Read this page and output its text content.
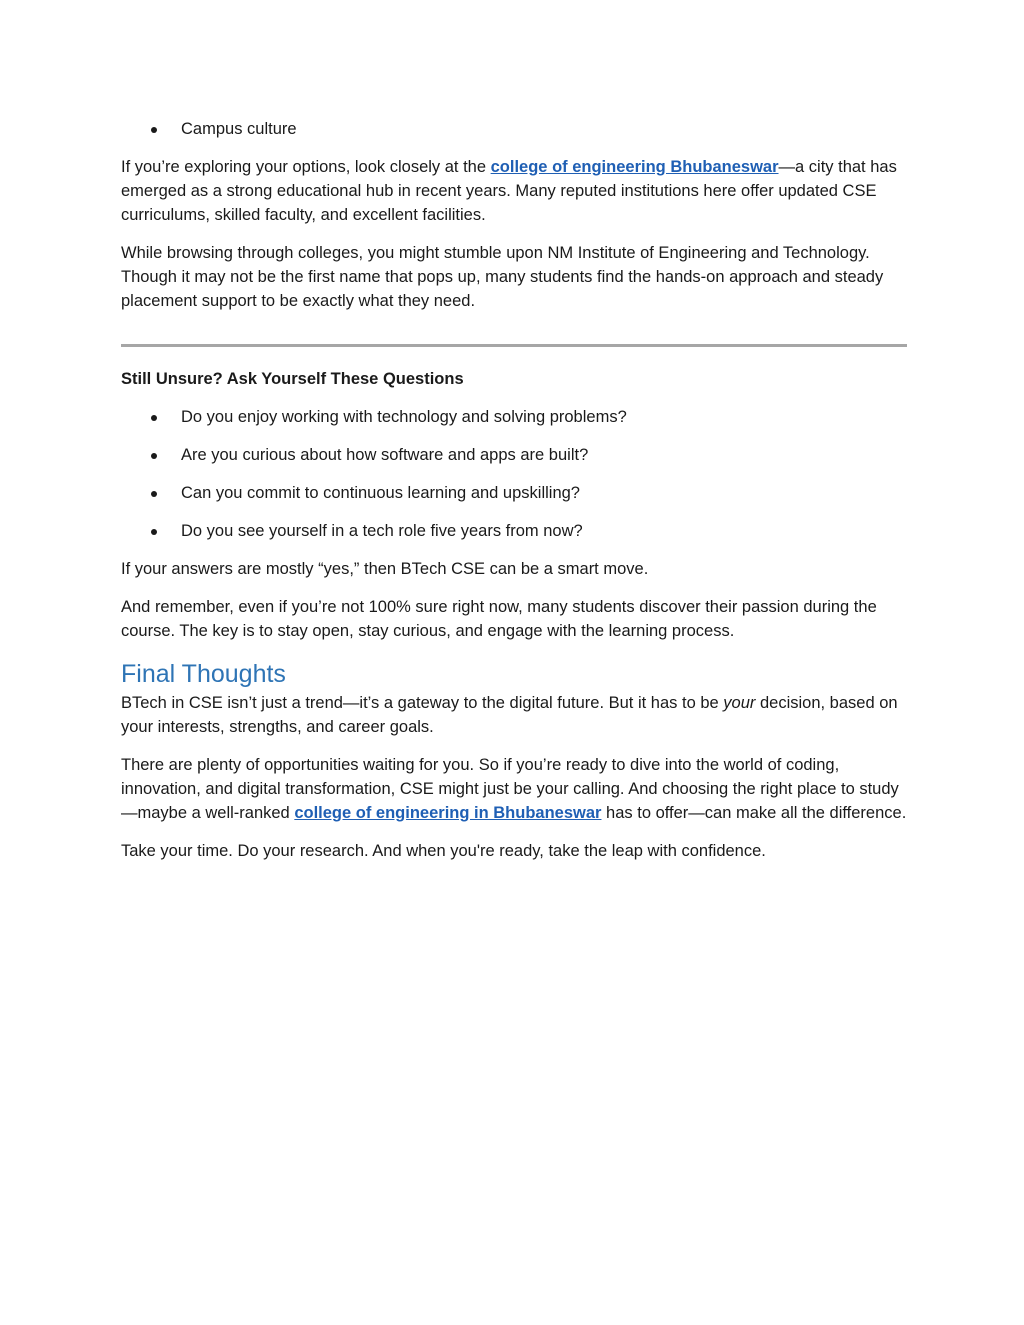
Campus culture

If you’re exploring your options, look closely at the college of engineering Bhubaneswar—a city that has emerged as a strong educational hub in recent years. Many reputed institutions here offer updated CSE curriculums, skilled faculty, and excellent facilities.

While browsing through colleges, you might stumble upon NM Institute of Engineering and Technology. Though it may not be the first name that pops up, many students find the hands-on approach and steady placement support to be exactly what they need.

Still Unsure? Ask Yourself These Questions
Do you enjoy working with technology and solving problems?
Are you curious about how software and apps are built?
Can you commit to continuous learning and upskilling?
Do you see yourself in a tech role five years from now?

If your answers are mostly “yes,” then BTech CSE can be a smart move.

And remember, even if you’re not 100% sure right now, many students discover their passion during the course. The key is to stay open, stay curious, and engage with the learning process.

Final Thoughts

BTech in CSE isn’t just a trend—it’s a gateway to the digital future. But it has to be your decision, based on your interests, strengths, and career goals.

There are plenty of opportunities waiting for you. So if you’re ready to dive into the world of coding, innovation, and digital transformation, CSE might just be your calling. And choosing the right place to study—maybe a well-ranked college of engineering in Bhubaneswar has to offer—can make all the difference.

Take your time. Do your research. And when you're ready, take the leap with confidence.
